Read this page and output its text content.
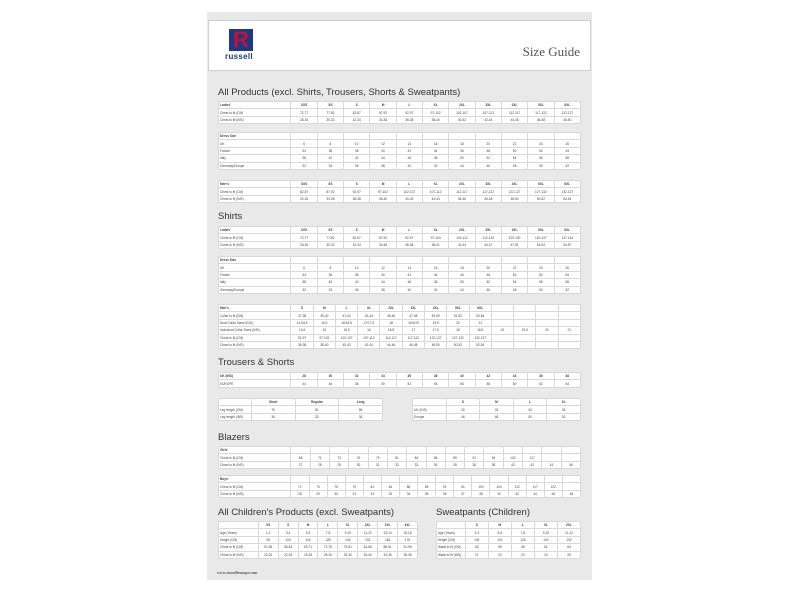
R
russell	Size Guide
All Products (excl. Shirts, Trousers, Shorts & Sweatpants)
Ladies'	XXS	XS	S	M	L	XL	2XL	3XL	4XL	5XL	6XL
Chest to fit (CM)	72-77	77-82	82-87	87-92	92-97	97-102	102-107	107-112	112-117	117-122	122-127
Chest to fit (INS)	28-30	30-32	32-34	34-36	36-38	38-40	40-42	42-44	44-46	46-48	48-50
Dress Size											
UK	6	8	10	12	14	16	18	20	22	24	26
France	34	36	38	40	42	44	46	48	50	52	54
Italy	38	40	42	44	46	48	50	52	54	56	58
Germany/Europe	32	34	36	38	40	42	44	46	48	50	52
Men's	XXS	XS	S	M	L	XL	2XL	3XL	4XL	5XL	6XL
Chest to fit (CM)	82-87	87-92	92-97	97-102	102-107	107-112	112-117	117-122	122-127	127-132	132-137
Chest to fit (INS)	32-34	34-36	36-38	38-40	40-42	42-44	44-46	46-48	48-50	50-52	52-54
Shirts
Ladies'	XXS	XS	S	M	L	XL	2XL	3XL	4XL	5XL	6XL
Chest to fit (CM)	72-77	77-82	82-87	87-92	92-97	97-104	104-112	112-120	120-130	130-137	137-144
Chest to fit (INS)	28-30	30-32	32-34	34-36	36-38	38-41	41-44	44-47	47-51	51-54	54-57
Dress Size											
UK	6	8	10	12	14	16	18	20	22	24	26
France	34	36	38	40	42	44	46	48	50	52	54
Italy	38	40	42	44	46	48	50	52	54	56	58
Germany/Europe	32	34	36	38	40	42	44	46	48	50	52
Men's	S	M	L	XL	2XL	3XL	4XL	5XL	6XL				
Collar to fit (CM)	37-38	39-40	41-42	43-44	45-46	47-48	49-50	51-52	53-54				
Dual Collar Sizes (INS)	14.5/15	15.5	16/16.5	17/17.5	18	18.5/19	19.5	20	21				
Individual Collar Sizes (INS)	14.5	15	15.5	16	16.5	17	17.5	18	18.5	19	19.5	20	21
Chest to fit (CM)	92-97	97-102	102-107	107-112	112-117	117-122	122-127	127-132	132-137				
Chest to fit (INS)	36-38	38-40	40-42	42-44	44-46	46-48	48-50	50-52	52-54				
Trousers & Shorts
UK (INS)	28	30	32	34	36	38	40	42	44	46	48
EUROPE	44	46	48	50	52	54	56	58	60	62	64
	Short	Regular	Long
Leg length (CM)	76	81	86
Leg length (INS)	30	32	34
	S	M	L	XL
UK (INS)	30	32	34	36
Europe	46	48	50	52
Blazers
Girls'															
Chest to fit (CM)	68	71	73	76	79	81	84	86	89	91	94	102	117		
Chest to fit (INS)	27	28	29	30	31	32	33	34	35	36	38	40	42	44	46
Boys'																
Chest to fit (CM)	71	73	76	79	81	84	86	89	91	94	100	104	112	117	122	
Chest to fit (INS)	28	29	30	31	32	33	34	35	36	37	38	40	42	44	46	48
All Children's Products (excl. Sweatpants)
	XS	S	M	L	XL	2XL	3XL	4XL
Age (Years)	1-2	3-4	5-6	7-8	9-10	11-12	13-14	15-16
Height (CM)	90	104	116	128	140	152	164	176
Chest to fit (CM)	51-56	56-63	63-71	71-76	76-81	81-86	86-91	91-96
Chest to fit (INS)	20-22	22-25	25-28	28-30	30-32	32-34	34-36	36-38
Sweatpants (Children)
	S	M	L	XL	2XL
Age (Years)	3-4	5-6	7-8	9-10	11-12
Height (CM)	104	116	128	140	152
Waist to fit (CM)	53	55	58	61	64
Waist to fit (INS)	21	22	23	24	25
www.russelleurope.com
